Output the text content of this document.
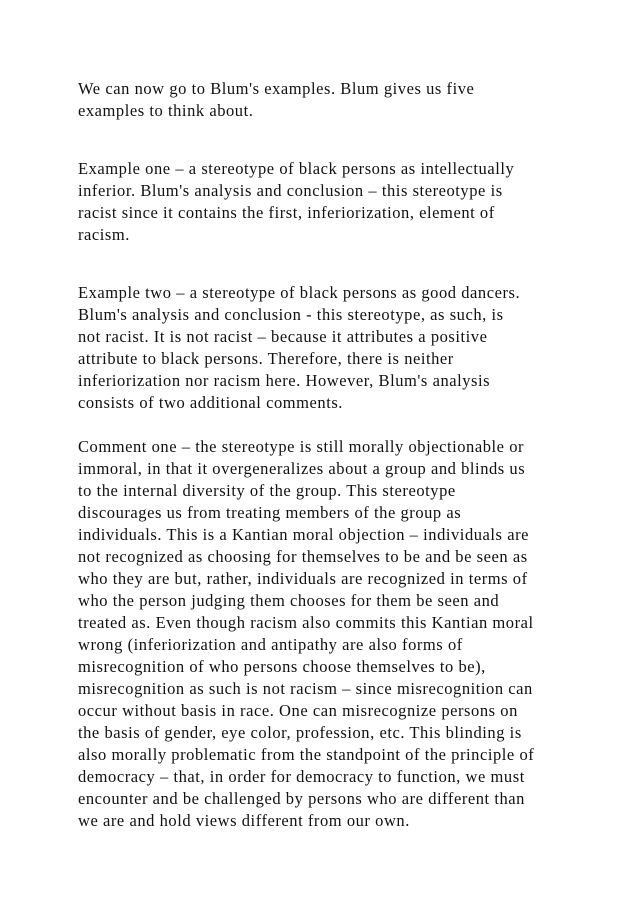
We can now go to Blum's examples. Blum gives us five
examples to think about.

Example one – a stereotype of black persons as intellectually
inferior. Blum's analysis and conclusion – this stereotype is
racist since it contains the first, inferiorization, element of
racism.

Example two – a stereotype of black persons as good dancers.
Blum's analysis and conclusion - this stereotype, as such, is
not racist. It is not racist – because it attributes a positive
attribute to black persons. Therefore, there is neither
inferiorization nor racism here. However, Blum's analysis
consists of two additional comments.

Comment one – the stereotype is still morally objectionable or
immoral, in that it overgeneralizes about a group and blinds us
to the internal diversity of the group. This stereotype
discourages us from treating members of the group as
individuals. This is a Kantian moral objection – individuals are
not recognized as choosing for themselves to be and be seen as
who they are but, rather, individuals are recognized in terms of
who the person judging them chooses for them be seen and
treated as. Even though racism also commits this Kantian moral
wrong (inferiorization and antipathy are also forms of
misrecognition of who persons choose themselves to be),
misrecognition as such is not racism – since misrecognition can
occur without basis in race. One can misrecognize persons on
the basis of gender, eye color, profession, etc. This blinding is
also morally problematic from the standpoint of the principle of
democracy – that, in order for democracy to function, we must
encounter and be challenged by persons who are different than
we are and hold views different from our own.
